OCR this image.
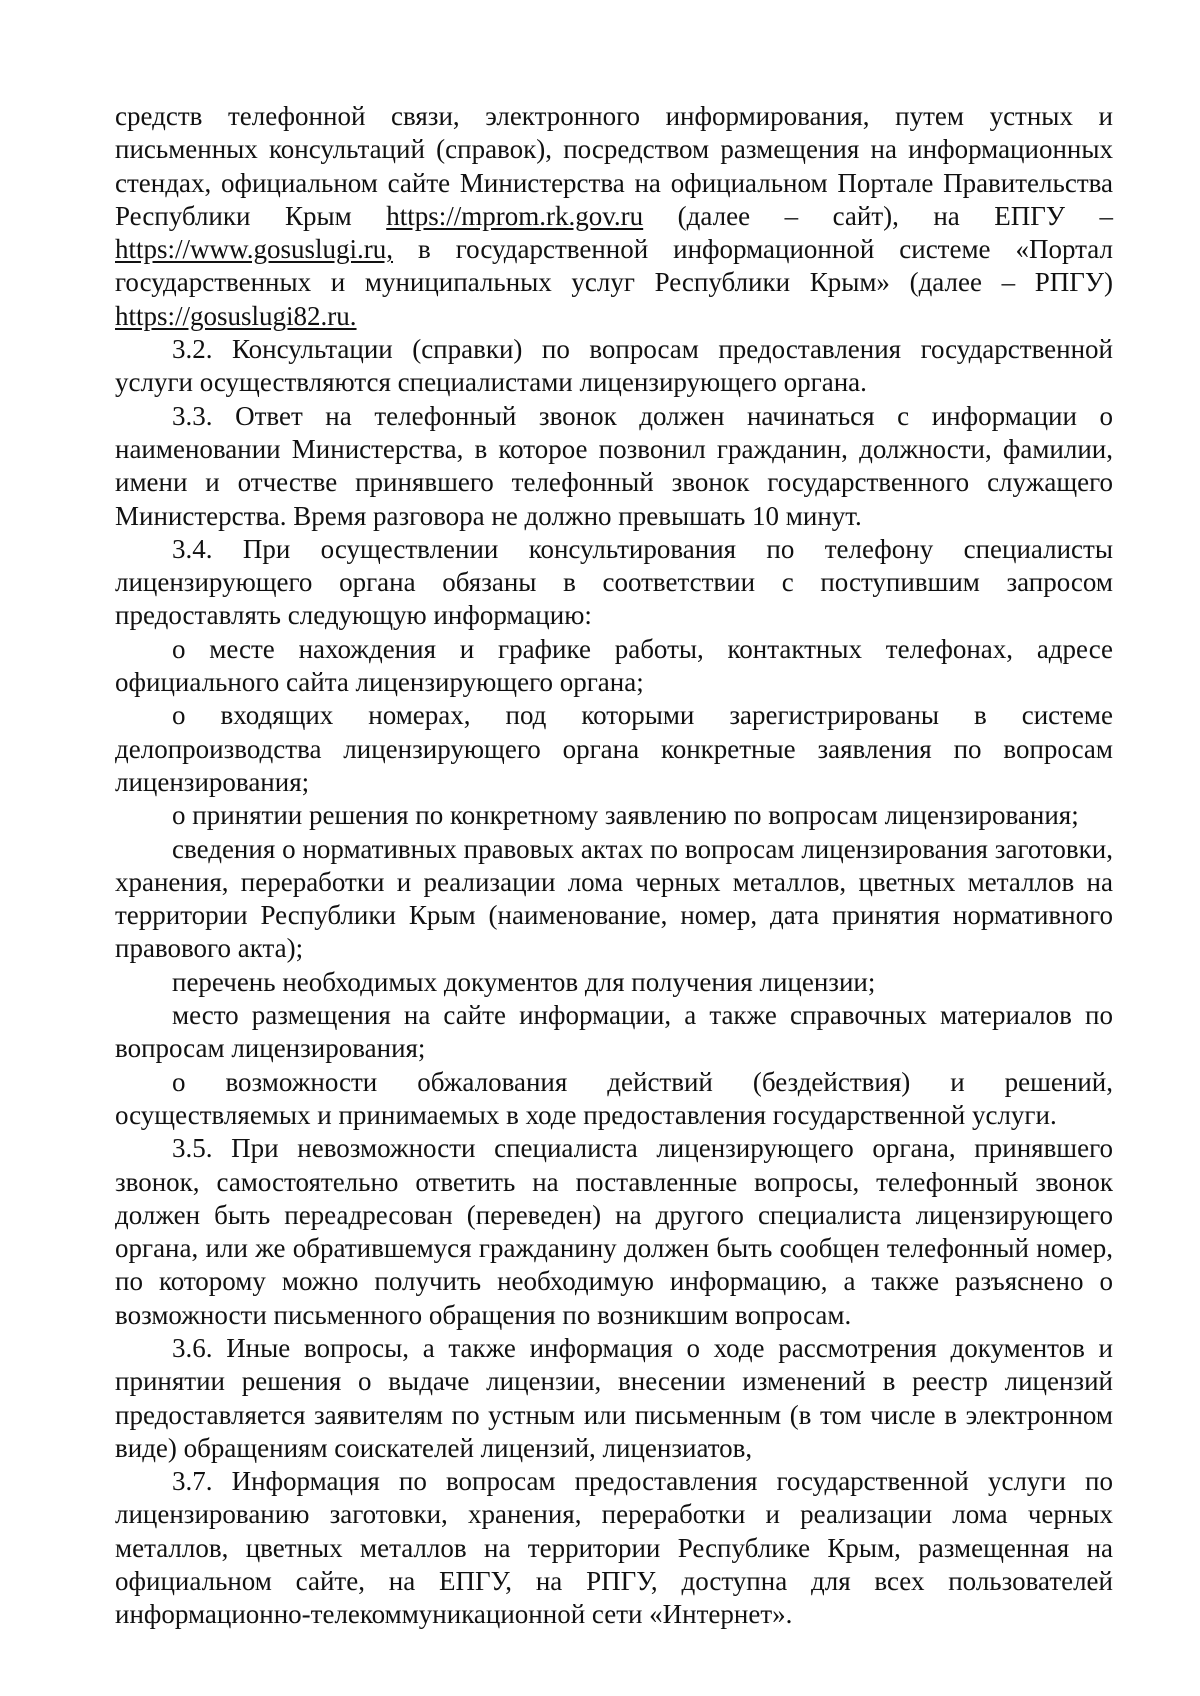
средств телефонной связи, электронного информирования, путем устных и письменных консультаций (справок), посредством размещения на информационных стендах, официальном сайте Министерства на официальном Портале Правительства Республики Крым https://mprom.rk.gov.ru (далее – сайт), на ЕПГУ – https://www.gosuslugi.ru, в государственной информационной системе «Портал государственных и муниципальных услуг Республики Крым» (далее – РПГУ) https://gosuslugi82.ru.

3.2. Консультации (справки) по вопросам предоставления государственной услуги осуществляются специалистами лицензирующего органа.

3.3. Ответ на телефонный звонок должен начинаться с информации о наименовании Министерства, в которое позвонил гражданин, должности, фамилии, имени и отчестве принявшего телефонный звонок государственного служащего Министерства. Время разговора не должно превышать 10 минут.

3.4. При осуществлении консультирования по телефону специалисты лицензирующего органа обязаны в соответствии с поступившим запросом предоставлять следующую информацию:

о месте нахождения и графике работы, контактных телефонах, адресе официального сайта лицензирующего органа;

о входящих номерах, под которыми зарегистрированы в системе делопроизводства лицензирующего органа конкретные заявления по вопросам лицензирования;

о принятии решения по конкретному заявлению по вопросам лицензирования;

сведения о нормативных правовых актах по вопросам лицензирования заготовки, хранения, переработки и реализации лома черных металлов, цветных металлов на территории Республики Крым (наименование, номер, дата принятия нормативного правового акта);

перечень необходимых документов для получения лицензии;

место размещения на сайте информации, а также справочных материалов по вопросам лицензирования;

о возможности обжалования действий (бездействия) и решений, осуществляемых и принимаемых в ходе предоставления государственной услуги.

3.5. При невозможности специалиста лицензирующего органа, принявшего звонок, самостоятельно ответить на поставленные вопросы, телефонный звонок должен быть переадресован (переведен) на другого специалиста лицензирующего органа, или же обратившемуся гражданину должен быть сообщен телефонный номер, по которому можно получить необходимую информацию, а также разъяснено о возможности письменного обращения по возникшим вопросам.

3.6. Иные вопросы, а также информация о ходе рассмотрения документов и принятии решения о выдаче лицензии, внесении изменений в реестр лицензий предоставляется заявителям по устным или письменным (в том числе в электронном виде) обращениям соискателей лицензий, лицензиатов,

3.7. Информация по вопросам предоставления государственной услуги по лицензированию заготовки, хранения, переработки и реализации лома черных металлов, цветных металлов на территории Республике Крым, размещенная на официальном сайте, на ЕПГУ, на РПГУ, доступна для всех пользователей информационно-телекоммуникационной сети «Интернет».
